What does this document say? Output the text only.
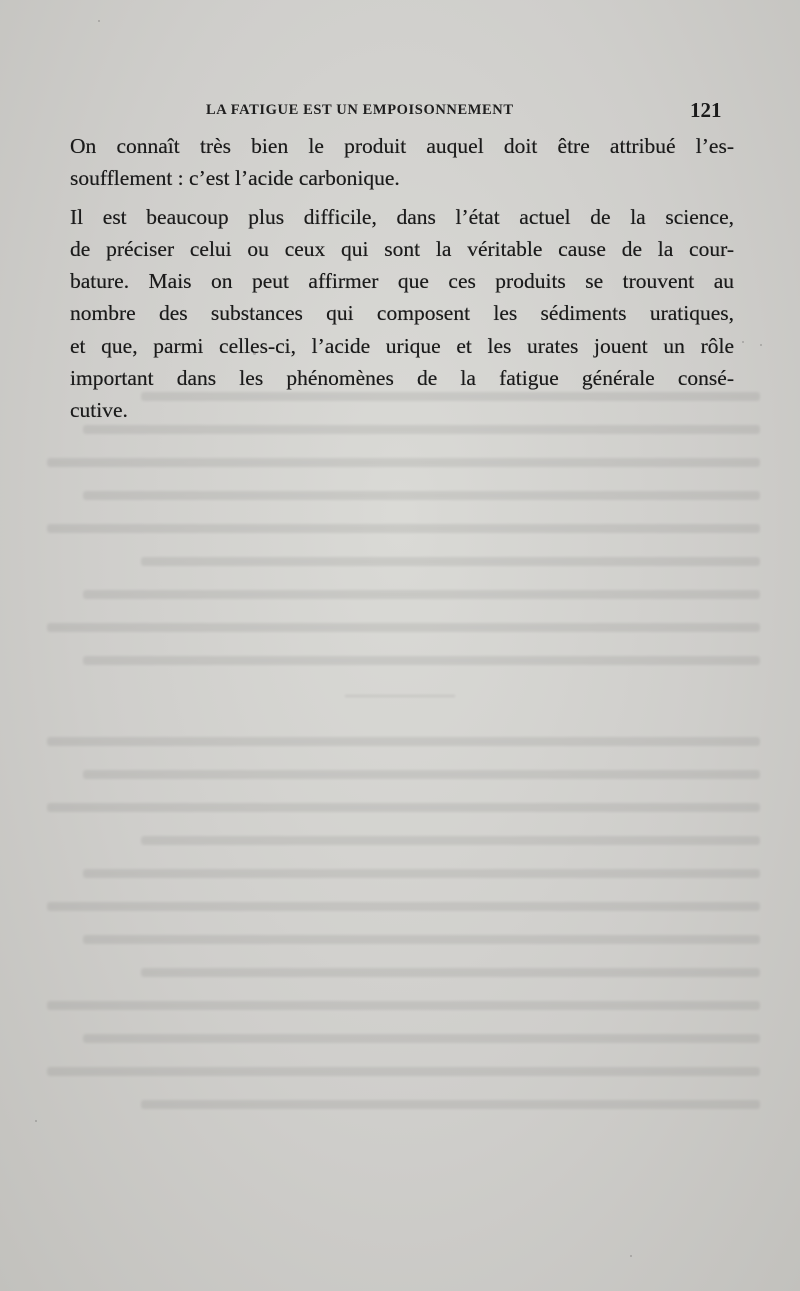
LA FATIGUE EST UN EMPOISONNEMENT	121

On connaît très bien le produit auquel doit être attribué l’es-
soufflement : c’est l’acide carbonique.

Il est beaucoup plus difficile, dans l’état actuel de la science,
de préciser celui ou ceux qui sont la véritable cause de la cour-
bature. Mais on peut affirmer que ces produits se trouvent au
nombre des substances qui composent les sédiments uratiques,
et que, parmi celles-ci, l’acide urique et les urates jouent un rôle
important dans les phénomènes de la fatigue générale consé-
cutive.
